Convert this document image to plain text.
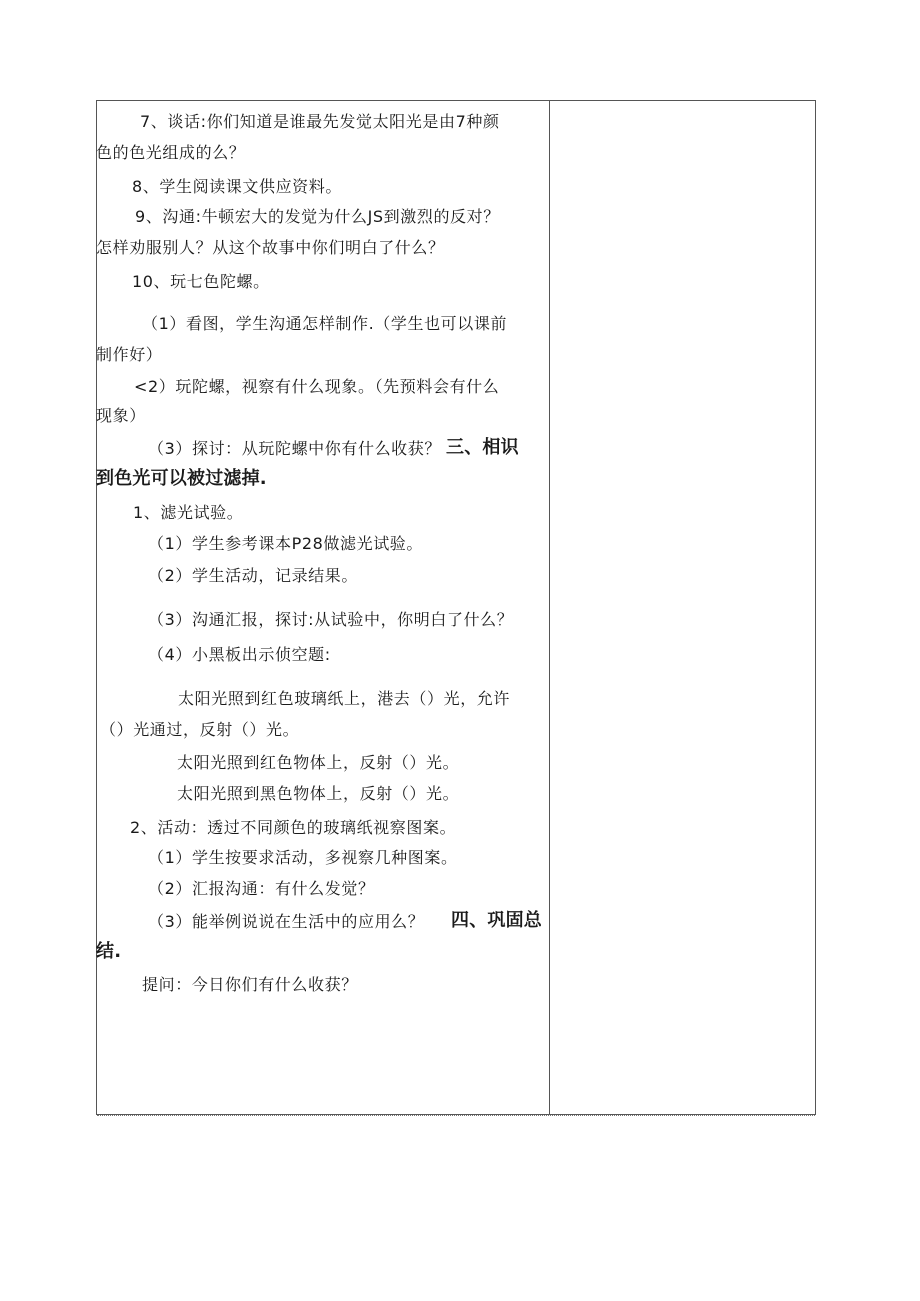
7、谈话:你们知道是谁最先发觉太阳光是由7种颜
色的色光组成的么？
8、学生阅读课文供应资料。
9、沟通:牛顿宏大的发觉为什么JS到激烈的反对？
怎样劝服别人？从这个故事中你们明白了什么？
10、玩七色陀螺。
（1）看图，学生沟通怎样制作.（学生也可以课前
制作好）
<2）玩陀螺，视察有什么现象。（先预料会有什么
现象）
（3）探讨：从玩陀螺中你有什么收获？ 三、相识
到色光可以被过滤掉.
1、滤光试验。
（1）学生参考课本P28做滤光试验。
（2）学生活动，记录结果。
（3）沟通汇报，探讨:从试验中，你明白了什么？
（4）小黑板出示侦空题:
太阳光照到红色玻璃纸上，港去（）光，允许
（）光通过，反射（）光。
太阳光照到红色物体上，反射（）光。
太阳光照到黑色物体上，反射（）光。
2、活动：透过不同颜色的玻璃纸视察图案。
（1）学生按要求活动，多视察几种图案。
（2）汇报沟通：有什么发觉？
（3）能举例说说在生活中的应用么？ 四、巩固总
结.
提问：今日你们有什么收获？
